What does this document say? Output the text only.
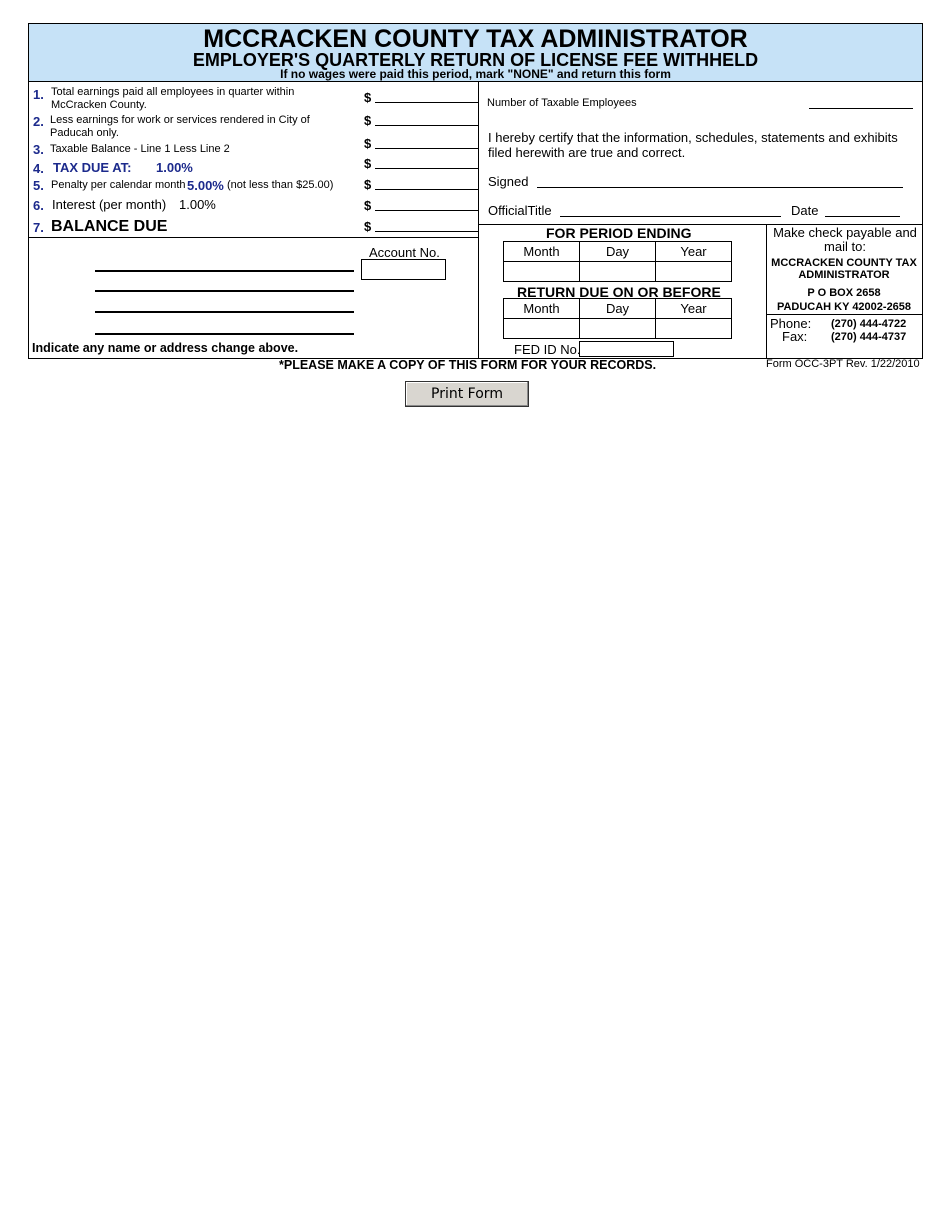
MCCRACKEN COUNTY TAX ADMINISTRATOR
EMPLOYER'S QUARTERLY RETURN OF LICENSE FEE WITHHELD
If no wages were paid this period, mark "NONE" and return this form
1. Total earnings paid all employees in quarter within McCracken County.	$
2. Less earnings for work or services rendered in City of Paducah only.
$
3. Taxable Balance - Line 1 Less Line 2	$
4. TAX DUE AT: 1.00%	$
5. Penalty per calendar month 5.00% (not less than $25.00) $
6. Interest (per month) 1.00%	$
7. BALANCE DUE	$
Number of Taxable Employees
I hereby certify that the information, schedules, statements and exhibits filed herewith are true and correct.
Signed
OfficialTitle	Date
Account No.
Indicate any name or address change above.
FOR PERIOD ENDING
Month	Day	Year

RETURN DUE ON OR BEFORE
Month	Day	Year

FED ID No.
Make check payable and mail to:
MCCRACKEN COUNTY TAX ADMINISTRATOR
P O BOX 2658
PADUCAH KY 42002-2658
Phone: (270) 444-4722
Fax: (270) 444-4737
*PLEASE MAKE A COPY OF THIS FORM FOR YOUR RECORDS.	Form OCC-3PT Rev. 1/22/2010
Print Form
